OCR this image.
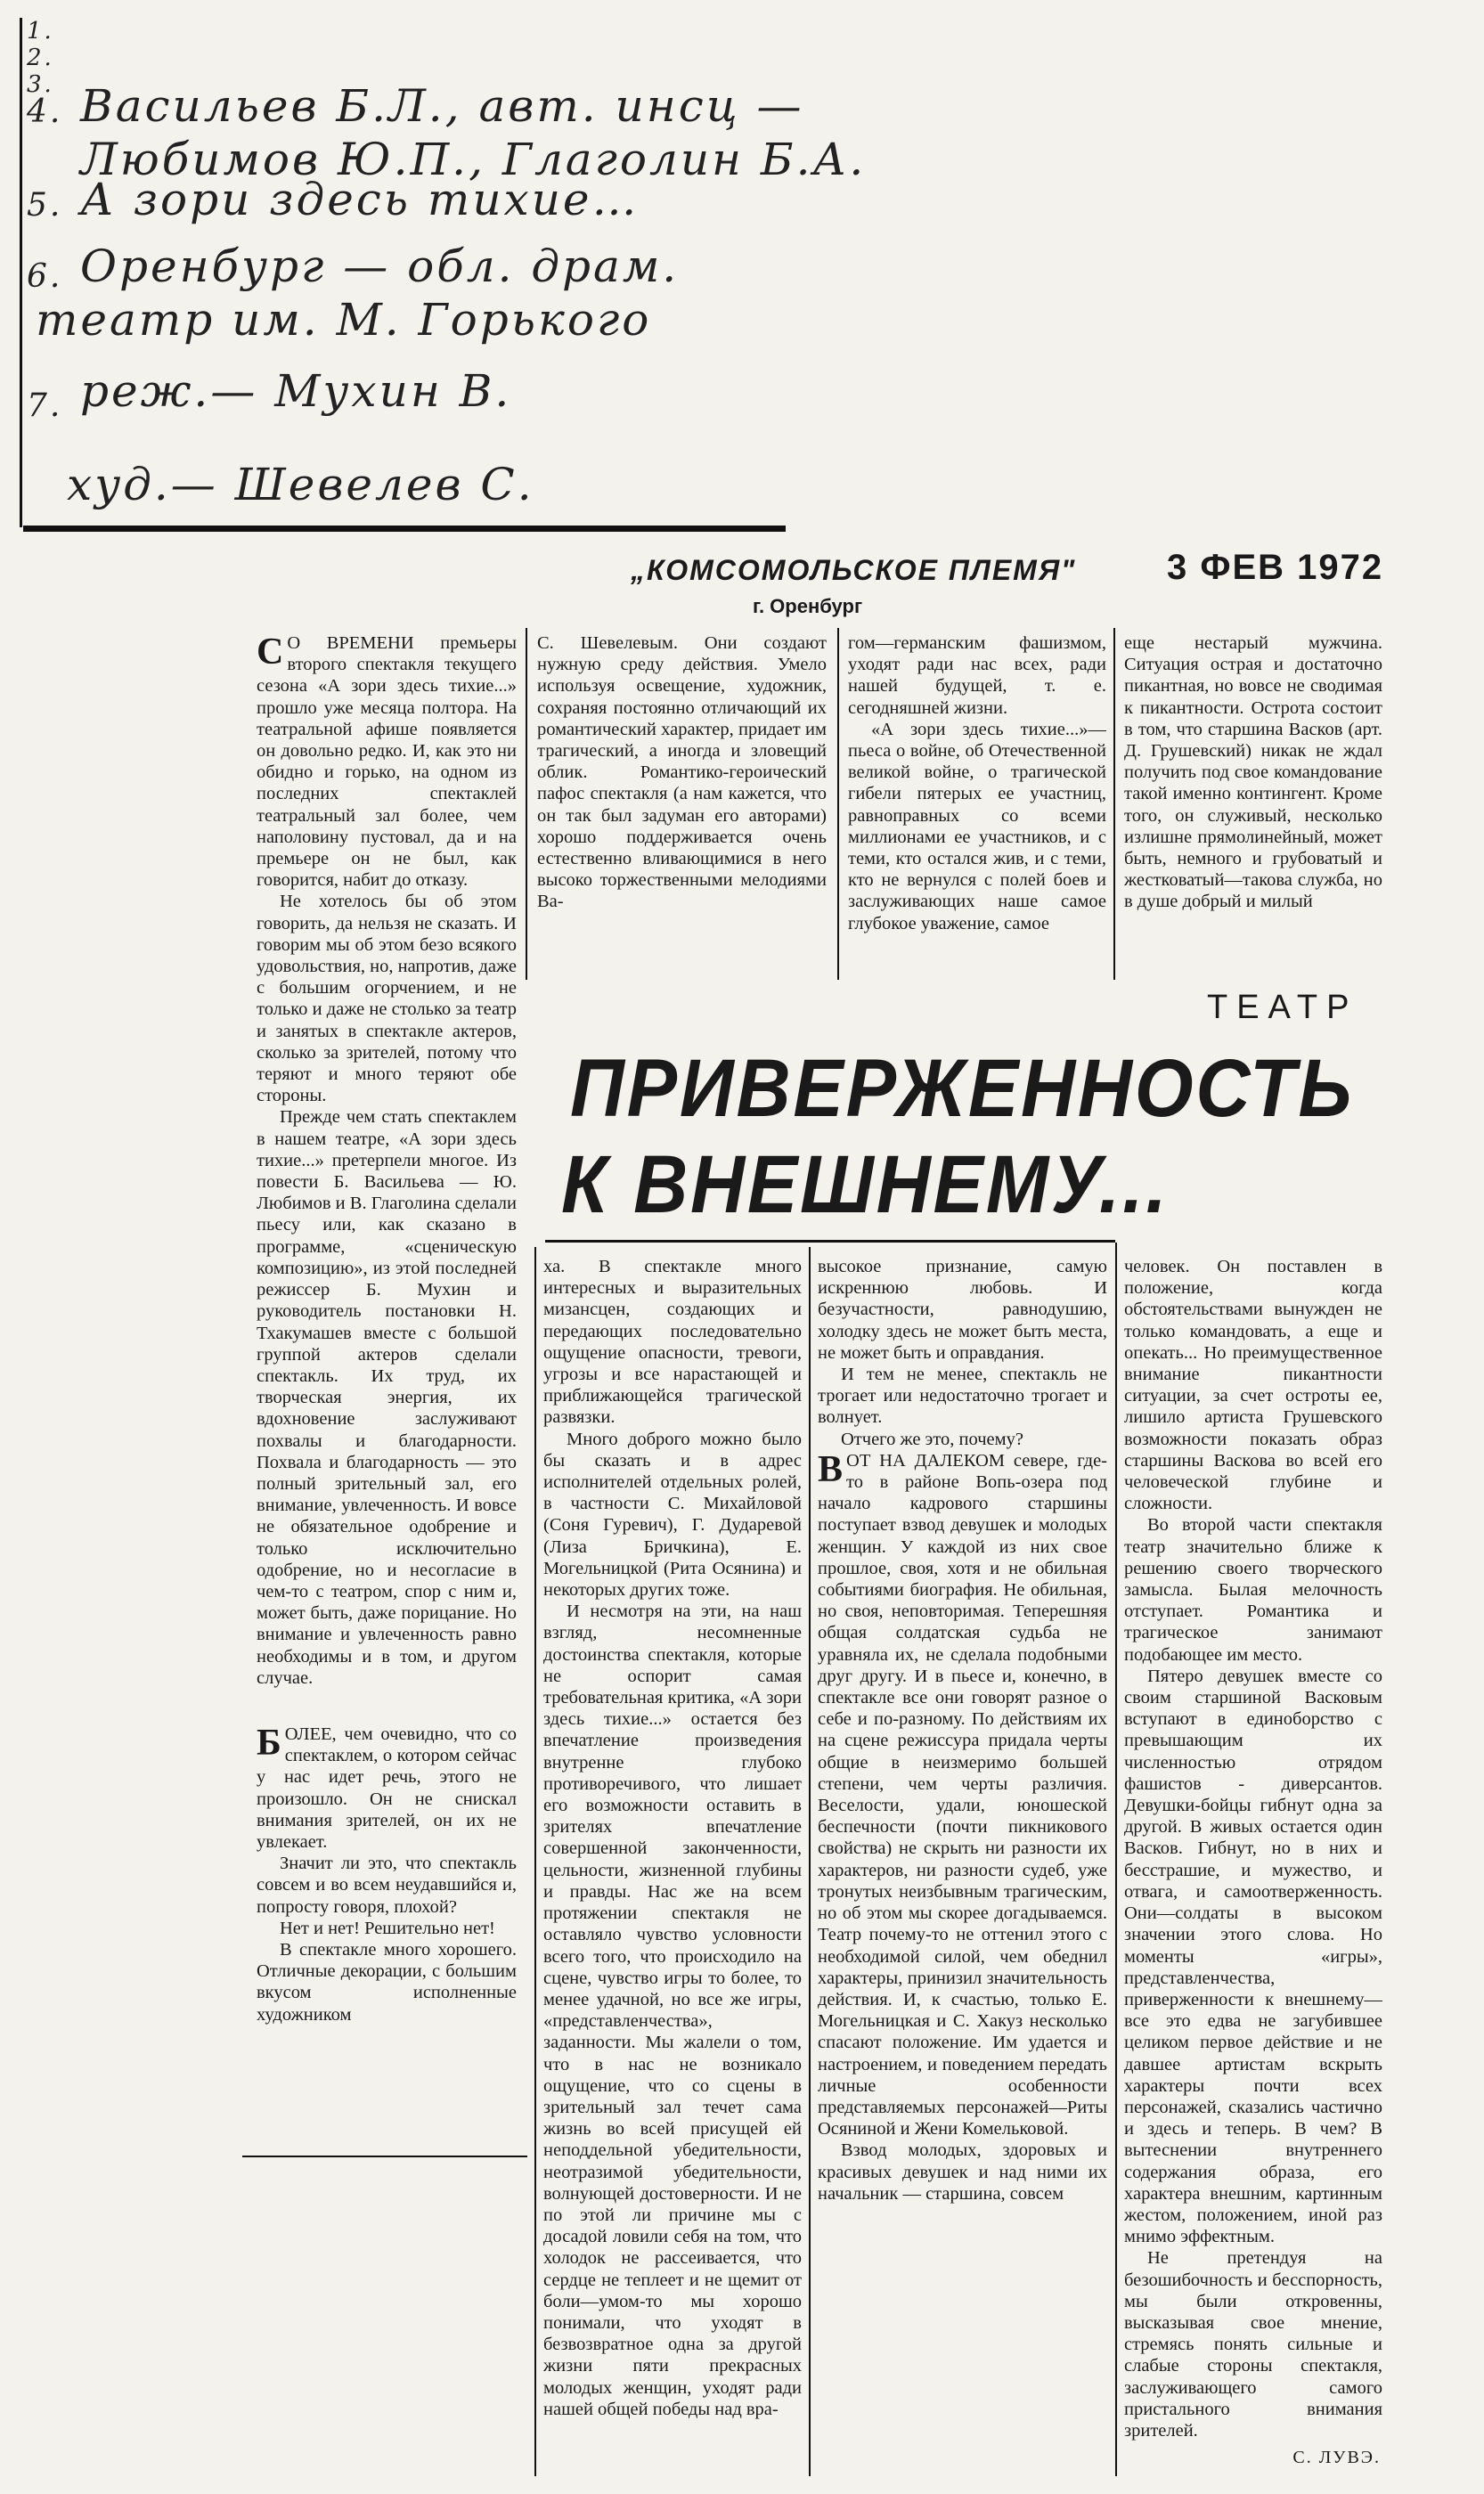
1.
2.
3.
4. Васильев Б.Л., авт. инсц —
Любимов Ю.П., Глаголин Б.А.
5. А зори здесь тихие…
6. Оренбург — обл. драм.
театр им. М. Горького
7. реж.— Мухин В.
худ.— Шевелев С.
„КОМСОМОЛЬСКОЕ ПЛЕМЯ"
г. Оренбург
3 ФЕВ 1972

С О ВРЕМЕНИ премьеры второго спектакля текущего сезона «А зори здесь тихие...» прошло уже месяца полтора. На театральной афише появляется он довольно редко. И, как это ни обидно и горько, на одном из последних спектаклей театральный зал более, чем наполовину пустовал, да и на премьере он не был, как говорится, набит до отказу.

Не хотелось бы об этом говорить, да нельзя не сказать. И говорим мы об этом безо всякого удовольствия, но, напротив, даже с большим огорчением, и не только и даже не столько за театр и занятых в спектакле актеров, сколько за зрителей, потому что теряют и много теряют обе стороны.

Прежде чем стать спектаклем в нашем театре, «А зори здесь тихие...» претерпели многое. Из повести Б. Васильева — Ю. Любимов и В. Глаголина сделали пьесу или, как сказано в программе, «сценическую композицию», из этой последней режиссер Б. Мухин и руководитель постановки Н. Тхакумашев вместе с большой группой актеров сделали спектакль. Их труд, их творческая энергия, их вдохновение заслуживают похвалы и благодарности. Похвала и благодарность — это полный зрительный зал, его внимание, увлеченность. И вовсе не обязательное одобрение и только исключительно одобрение, но и несогласие в чем-то с театром, спор с ним и, может быть, даже порицание. Но внимание и увлеченность равно необходимы и в том, и другом случае.

БОЛЕЕ, чем очевидно, что со спектаклем, о котором сейчас у нас идет речь, этого не произошло. Он не снискал внимания зрителей, он их не увлекает.

Значит ли это, что спектакль совсем и во всем неудавшийся и, попросту говоря, плохой?

Нет и нет! Решительно нет!

В спектакле много хорошего. Отличные декорации, с большим вкусом исполненные художником

С. Шевелевым. Они создают нужную среду действия. Умело используя освещение, художник, сохраняя постоянно отличающий их романтический характер, придает им трагический, а иногда и зловещий облик. Романтико-героический пафос спектакля (а нам кажется, что он так был задуман его авторами) хорошо поддерживается очень естественно вливающимися в него высоко торжественными мелодиями Ва-

гом—германским фашизмом, уходят ради нас всех, ради нашей будущей, т. е. сегодняшней жизни.

«А зори здесь тихие...»— пьеса о войне, об Отечественной великой войне, о трагической гибели пятерых ее участниц, равноправных со всеми миллионами ее участников, и с теми, кто остался жив, и с теми, кто не вернулся с полей боев и заслуживающих наше самое глубокое уважение, самое

еще нестарый мужчина. Ситуация острая и достаточно пикантная, но вовсе не сводимая к пикантности. Острота состоит в том, что старшина Васков (арт. Д. Грушевский) никак не ждал получить под свое командование такой именно контингент. Кроме того, он служивый, несколько излишне прямолинейный, может быть, немного и грубоватый и жестковатый—такова служба, но в душе добрый и милый

ТЕАТР
ПРИВЕРЖЕННОСТЬ
К ВНЕШНЕМУ...

ха. В спектакле много интересных и выразительных мизансцен, создающих и передающих последовательно ощущение опасности, тревоги, угрозы и все нарастающей и приближающейся трагической развязки.

Много доброго можно было бы сказать и в адрес исполнителей отдельных ролей, в частности С. Михайловой (Соня Гуревич), Г. Дударевой (Лиза Бричкина), Е. Могельницкой (Рита Осянина) и некоторых других тоже.

И несмотря на эти, на наш взгляд, несомненные достоинства спектакля, которые не оспорит самая требовательная критика, «А зори здесь тихие...» остается без впечатление произведения внутренне глубоко противоречивого, что лишает его возможности оставить в зрителях впечатление совершенной законченности, цельности, жизненной глубины и правды. Нас же на всем протяжении спектакля не оставляло чувство условности всего того, что происходило на сцене, чувство игры то более, то менее удачной, но все же игры, «представленчества», заданности. Мы жалели о том, что в нас не возникало ощущение, что со сцены в зрительный зал течет сама жизнь во всей присущей ей неподдельной убедительности, неотразимой убедительности, волнующей достоверности. И не по этой ли причине мы с досадой ловили себя на том, что холодок не рассеивается, что сердце не теплеет и не щемит от боли—умом-то мы хорошо понимали, что уходят в безвозвратное одна за другой жизни пяти прекрасных молодых женщин, уходят ради нашей общей победы над вра-

высокое признание, самую искреннюю любовь. И безучастности, равнодушию, холодку здесь не может быть места, не может быть и оправдания.

И тем не менее, спектакль не трогает или недостаточно трогает и волнует.

Отчего же это, почему?

ВОТ НА ДАЛЕКОМ севере, где-то в районе Вопь-озера под начало кадрового старшины поступает взвод девушек и молодых женщин. У каждой из них свое прошлое, своя, хотя и не обильная событиями биография. Не обильная, но своя, неповторимая. Теперешняя общая солдатская судьба не уравняла их, не сделала подобными друг другу. И в пьесе и, конечно, в спектакле все они говорят разное о себе и по-разному. По действиям их на сцене режиссура придала черты общие в неизмеримо большей степени, чем черты различия. Веселости, удали, юношеской беспечности (почти пикникового свойства) не скрыть ни разности их характеров, ни разности судеб, уже тронутых неизбывным трагическим, но об этом мы скорее догадываемся. Театр почему-то не оттенил этого с необходимой силой, чем обеднил характеры, принизил значительность действия. И, к счастью, только Е. Могельницкая и С. Хакуз несколько спасают положение. Им удается и настроением, и поведением передать личные особенности представляемых персонажей—Риты Осяниной и Жени Комельковой.

Взвод молодых, здоровых и красивых девушек и над ними их начальник — старшина, совсем

человек. Он поставлен в положение, когда обстоятельствами вынужден не только командовать, а еще и опекать... Но преимущественное внимание пикантности ситуации, за счет остроты ее, лишило артиста Грушевского возможности показать образ старшины Васкова во всей его человеческой глубине и сложности.

Во второй части спектакля театр значительно ближе к решению своего творческого замысла. Былая мелочность отступает. Романтика и трагическое занимают подобающее им место.

Пятеро девушек вместе со своим старшиной Васковым вступают в единоборство с превышающим их численностью отрядом фашистов - диверсантов. Девушки-бойцы гибнут одна за другой. В живых остается один Васков. Гибнут, но в них и бесстрашие, и мужество, и отвага, и самоотверженность. Они—солдаты в высоком значении этого слова. Но моменты «игры», представленчества, приверженности к внешнему—все это едва не загубившее целиком первое действие и не давшее артистам вскрыть характеры почти всех персонажей, сказались частично и здесь и теперь. В чем? В вытеснении внутреннего содержания образа, его характера внешним, картинным жестом, положением, иной раз мнимо эффектным.

Не претендуя на безошибочность и бесспорность, мы были откровенны, высказывая свое мнение, стремясь понять сильные и слабые стороны спектакля, заслуживающего самого пристального внимания зрителей.

С. ЛУВЭ.
